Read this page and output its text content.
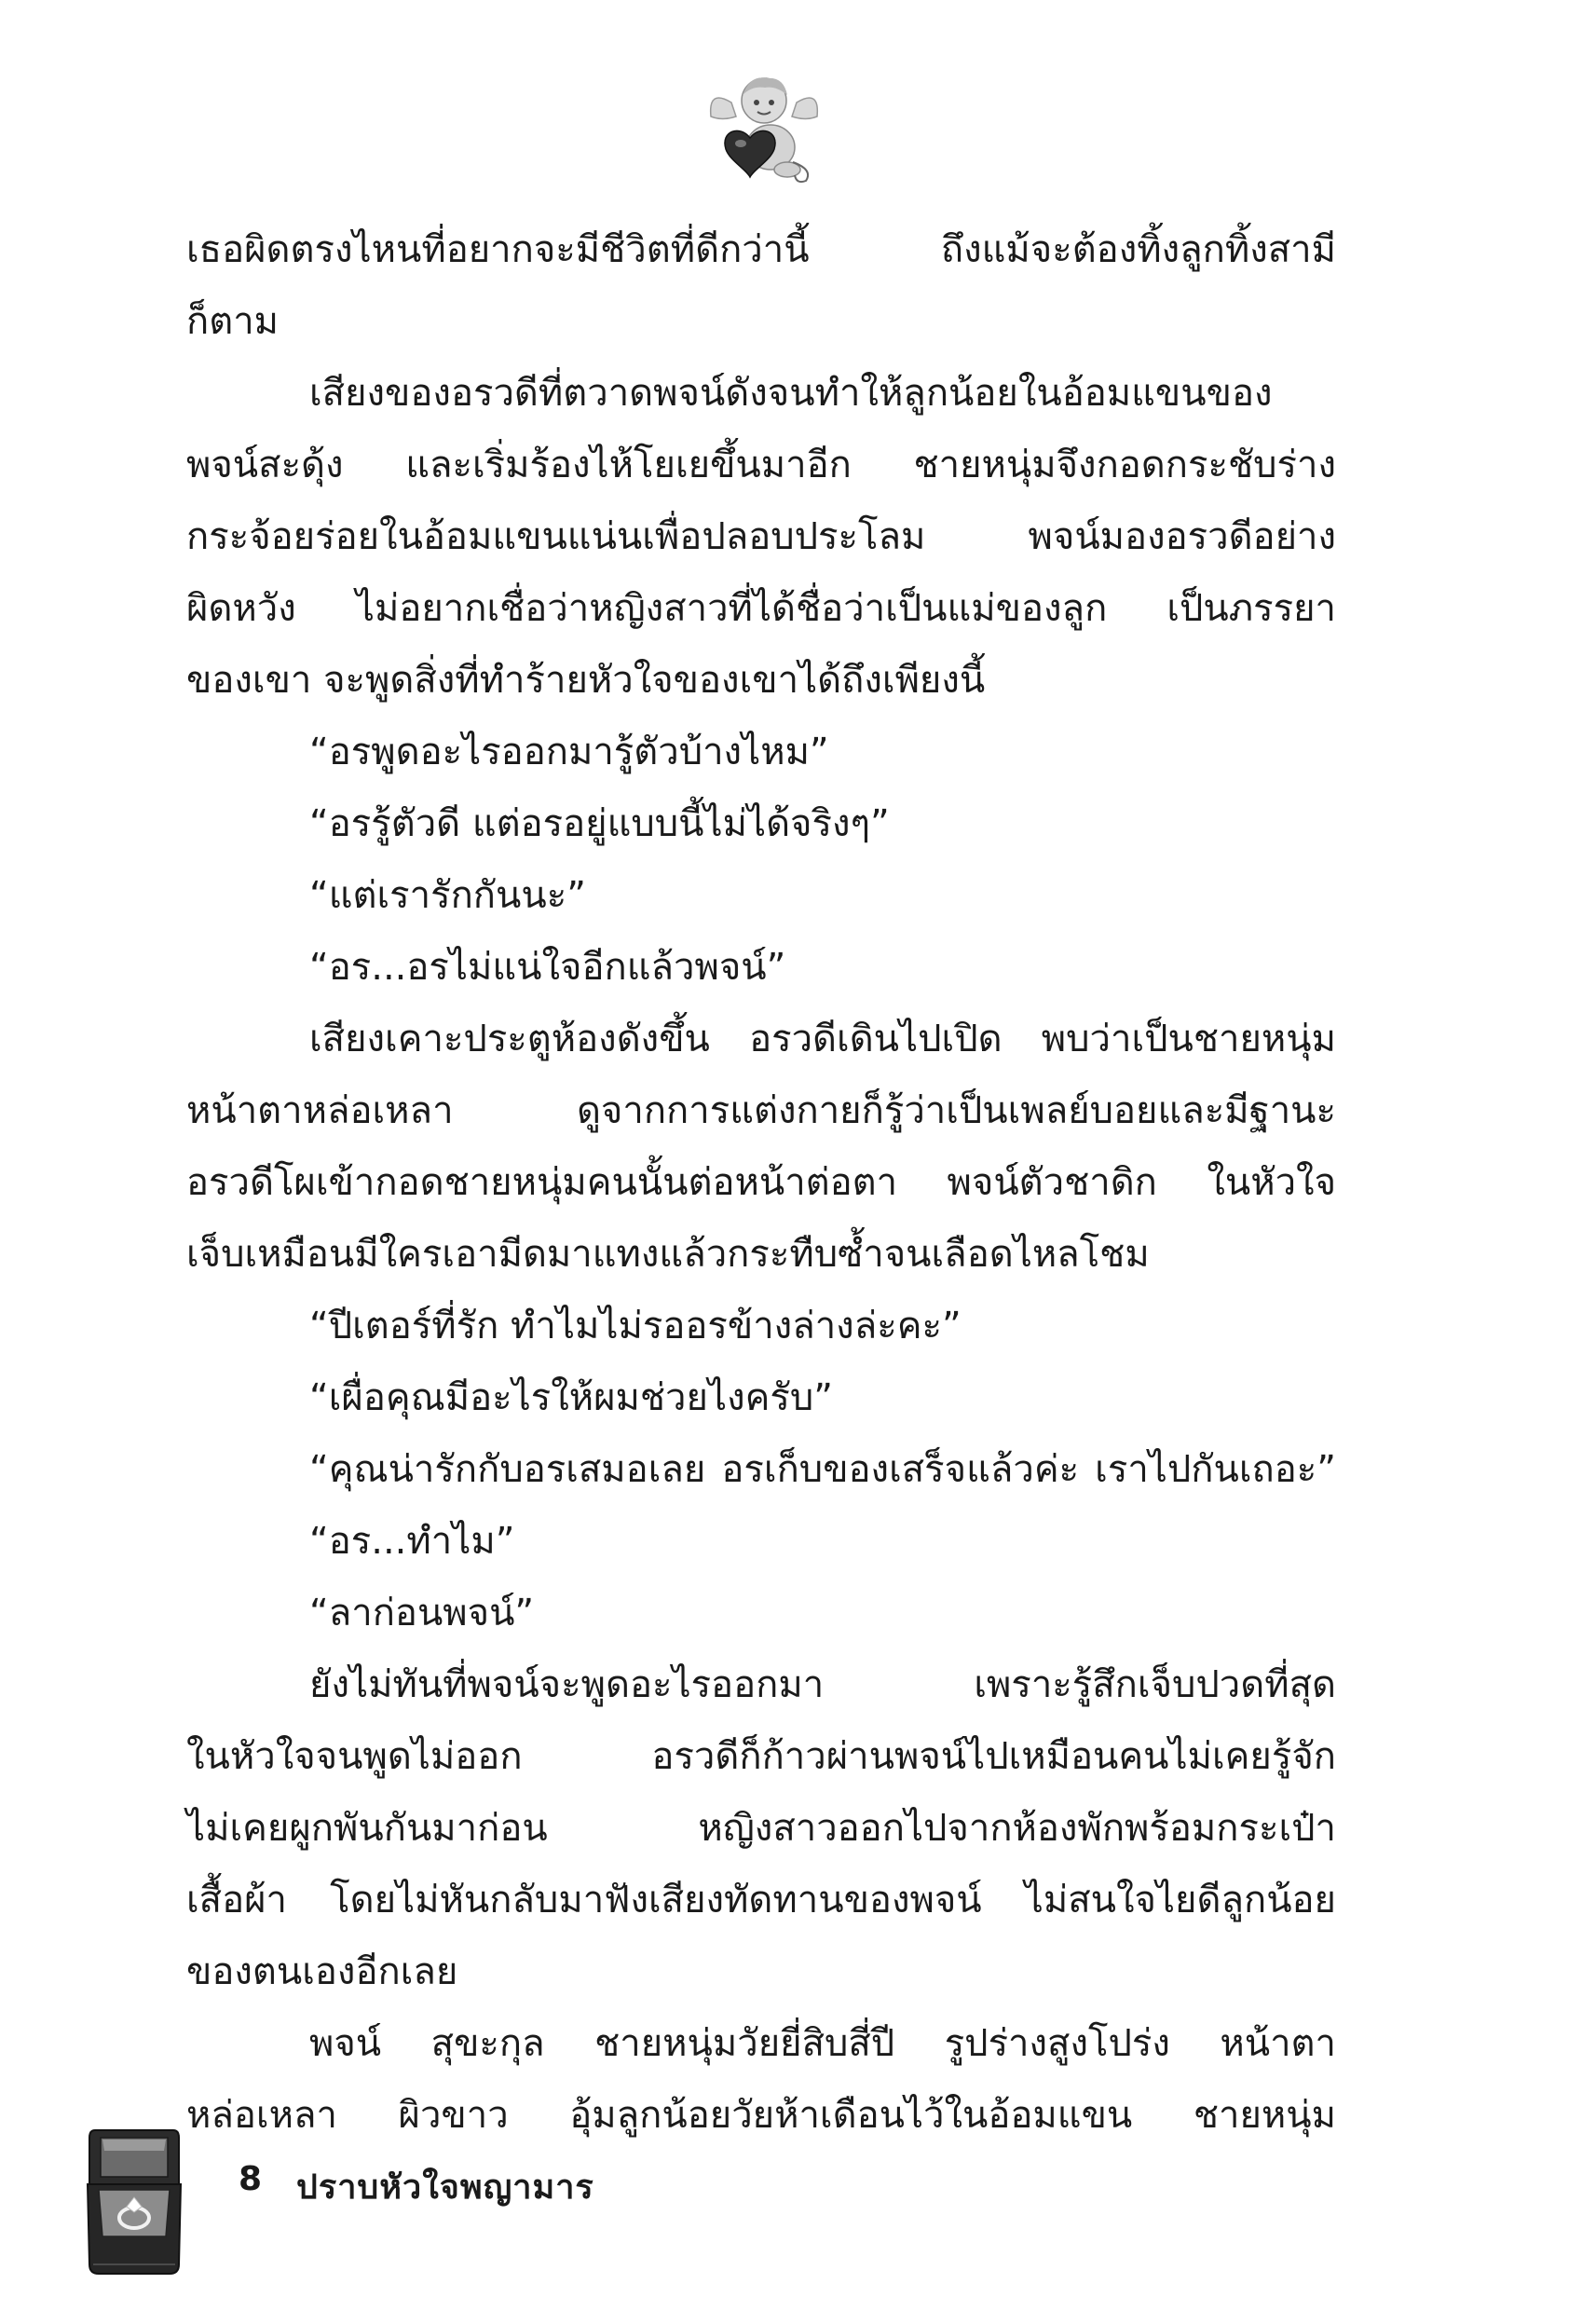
เธอผิดตรงไหนที่อยากจะมีชีวิตที่ดีกว่านี้ ถึงแม้จะต้องทิ้งลูกทิ้งสามี
ก็ตาม
เสียงของอรวดีที่ตวาดพจน์ดังจนทำให้ลูกน้อยในอ้อมแขนของ
พจน์สะดุ้ง และเริ่มร้องไห้โยเยขึ้นมาอีก ชายหนุ่มจึงกอดกระชับร่าง
กระจ้อยร่อยในอ้อมแขนแน่นเพื่อปลอบประโลม พจน์มองอรวดีอย่าง
ผิดหวัง ไม่อยากเชื่อว่าหญิงสาวที่ได้ชื่อว่าเป็นแม่ของลูก เป็นภรรยา
ของเขา จะพูดสิ่งที่ทำร้ายหัวใจของเขาได้ถึงเพียงนี้
“อรพูดอะไรออกมารู้ตัวบ้างไหม”
“อรรู้ตัวดี แต่อรอยู่แบบนี้ไม่ได้จริงๆ”
“แต่เรารักกันนะ”
“อร...อรไม่แน่ใจอีกแล้วพจน์”
เสียงเคาะประตูห้องดังขึ้น อรวดีเดินไปเปิด พบว่าเป็นชายหนุ่ม
หน้าตาหล่อเหลา ดูจากการแต่งกายก็รู้ว่าเป็นเพลย์บอยและมีฐานะ
อรวดีโผเข้ากอดชายหนุ่มคนนั้นต่อหน้าต่อตา พจน์ตัวชาดิก ในหัวใจ
เจ็บเหมือนมีใครเอามีดมาแทงแล้วกระทืบซ้ำจนเลือดไหลโชม
“ปีเตอร์ที่รัก ทำไมไม่รออรข้างล่างล่ะคะ”
“เผื่อคุณมีอะไรให้ผมช่วยไงครับ”
“คุณน่ารักกับอรเสมอเลย อรเก็บของเสร็จแล้วค่ะ เราไปกันเถอะ”
“อร...ทำไม”
“ลาก่อนพจน์”
ยังไม่ทันที่พจน์จะพูดอะไรออกมา เพราะรู้สึกเจ็บปวดที่สุด
ในหัวใจจนพูดไม่ออก อรวดีก็ก้าวผ่านพจน์ไปเหมือนคนไม่เคยรู้จัก
ไม่เคยผูกพันกันมาก่อน หญิงสาวออกไปจากห้องพักพร้อมกระเป๋า
เสื้อผ้า โดยไม่หันกลับมาฟังเสียงทัดทานของพจน์ ไม่สนใจไยดีลูกน้อย
ของตนเองอีกเลย
พจน์ สุขะกุล ชายหนุ่มวัยยี่สิบสี่ปี รูปร่างสูงโปร่ง หน้าตา
หล่อเหลา ผิวขาว อุ้มลูกน้อยวัยห้าเดือนไว้ในอ้อมแขน ชายหนุ่ม
8 ปราบหัวใจพญามาร
